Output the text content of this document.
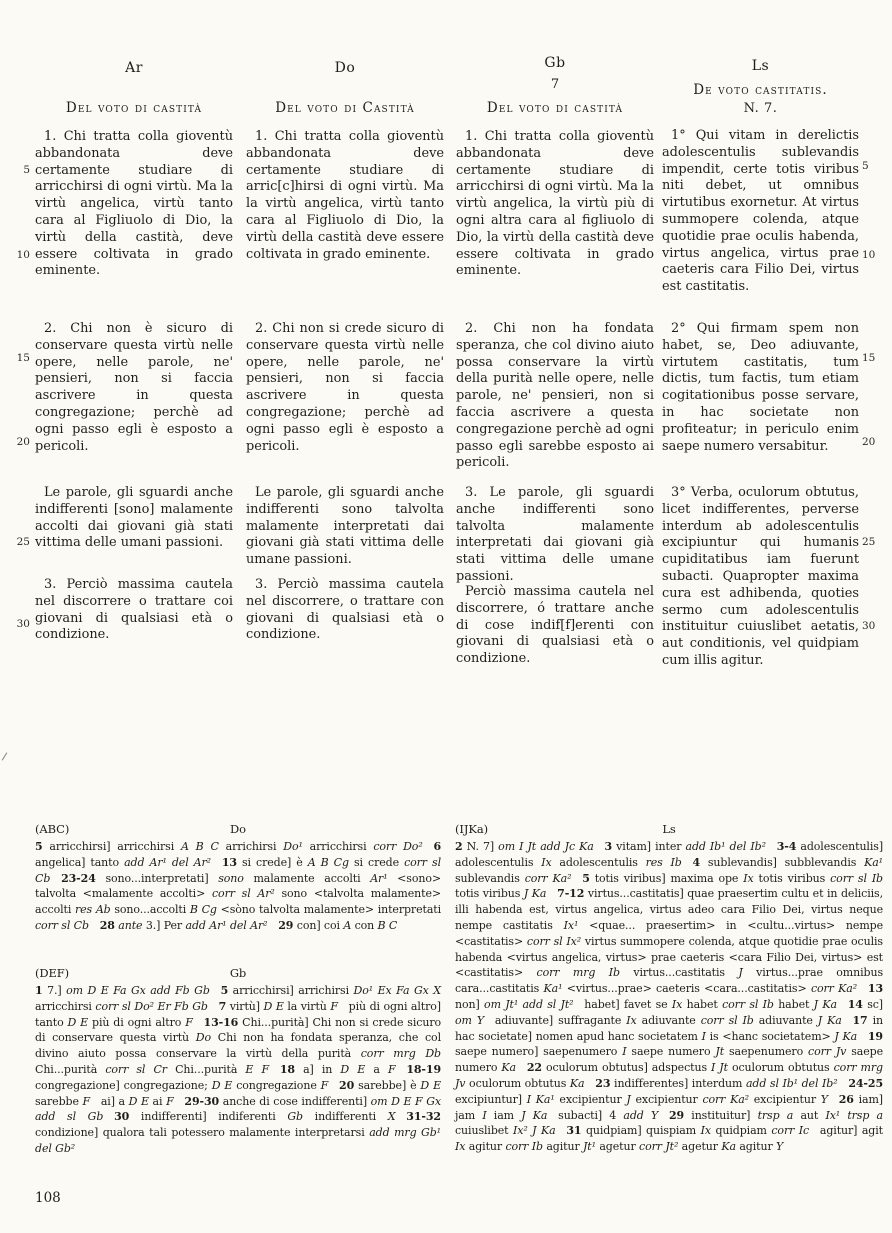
5
10
15
20
25
30
5
10
15
20
25
30
Ar
Del voto di castità

1. Chi tratta colla gioventù abbandonata deve certamente studiare di arricchirsi di ogni virtù. Ma la virtù angelica, virtù tanto cara al Figliuolo di Dio, la virtù della castità, deve essere coltivata in grado eminente.

2. Chi non è sicuro di conservare questa virtù nelle opere, nelle parole, ne' pensieri, non si faccia ascrivere in questa congregazione; perchè ad ogni passo egli è esposto a pericoli.

Le parole, gli sguardi anche indifferenti [sono] malamente accolti dai giovani già stati vittima delle umani passioni.

3. Perciò massima cautela nel discorrere o trattare coi giovani di qualsiasi età o condizione.

Do
Del voto di Castità

1. Chi tratta colla gioventù abbandonata deve certamente studiare di arric[c]hirsi di ogni virtù. Ma la virtù angelica, virtù tanto cara al Figliuolo di Dio, la virtù della castità deve essere coltivata in grado eminente.

2. Chi non si crede sicuro di conservare questa virtù nelle opere, nelle parole, ne' pensieri, non si faccia ascrivere in questa congregazione; perchè ad ogni passo egli è esposto a pericoli.

Le parole, gli sguardi anche indifferenti sono talvolta malamente interpretati dai giovani già stati vittima delle umane passioni.

3. Perciò massima cautela nel discorrere, o trattare con giovani di qualsiasi età o condizione.

Gb
7
Del voto di castità

1. Chi tratta colla gioventù abbandonata deve certamente studiare di arricchirsi di ogni virtù. Ma la virtù angelica, la virtù più di ogni altra cara al figliuolo di Dio, la virtù della castità deve essere coltivata in grado eminente.

2. Chi non ha fondata speranza, che col divino aiuto possa conservare la virtù della purità nelle opere, nelle parole, ne' pensieri, non si faccia ascrivere a questa congregazione perchè ad ogni passo egli sarebbe esposto ai pericoli.

3. Le parole, gli sguardi anche indifferenti sono talvolta malamente interpretati dai giovani già stati vittima delle umane passioni.

Perciò massima cautela nel discorrere, ó trattare anche di cose indif[f]erenti con giovani di qualsiasi età o condizione.

Ls
De voto castitatis.
N. 7.

1° Qui vitam in derelictis adolescentulis sublevandis impendit, certe totis viribus niti debet, ut omnibus virtutibus exornetur. At virtus summopere colenda, atque quotidie prae oculis habenda, virtus angelica, virtus prae caeteris cara Filio Dei, virtus est castitatis.

2° Qui firmam spem non habet, se, Deo adiuvante, virtutem castitatis, tum dictis, tum factis, tum etiam cogitationibus posse servare, in hac societate non profiteatur; in periculo enim saepe numero versabitur.

3° Verba, oculorum obtutus, licet indifferentes, perverse interdum ab adolescentulis excipiuntur qui humanis cupiditatibus iam fuerunt subacti. Quapropter maxima cura est adhibenda, quoties sermo cum adolescentulis instituitur cuiuslibet aetatis, aut conditionis, vel quidpiam cum illis agitur.

(ABC)	Do
5 arricchirsi] arricchirsi A B C arrichirsi Do¹ arricchirsi corr Do²   6 angelica] tanto add Ar¹ del Ar²   13 si crede] è A B Cg si crede corr sl Cb   23-24 sono...interpretati] sono malamente accolti Ar¹ <sono> talvolta <malamente accolti> corr sl Ar² sono <talvolta malamente> accolti res Ab sono...accolti B Cg <sòno talvolta malamente> interpretati corr sl Cb   28 ante 3.] Per add Ar¹ del Ar²   29 con] coi A con B C
(DEF)	Gb
1 7.] om D E Fa Gx add Fb Gb   5 arricchirsi] arrichirsi Do¹ Ex Fa Gx X arricchirsi corr sl Do² Er Fb Gb   7 virtù] D E la virtù F  più di ogni altro] tanto D E più di ogni altro F   13-16 Chi...purità] Chi non si crede sicuro di conservare questa virtù Do Chi non ha fondata speranza, che col divino aiuto possa conservare la virtù della purità corr mrg Db Chi...purità corr sl Cr Chi...purità E F   18 a] in D E a F   18-19 congregazione] congregazione; D E congregazione F   20 sarebbe] è D E sarebbe F  ai] a D E ai F   29-30 anche di cose indifferenti] om D E F Gx add sl Gb   30 indifferenti] indiferenti Gb indifferenti X   31-32 condizione] qualora tali potessero malamente interpretarsi add mrg Gb¹ del Gb²
(IJKa)	Ls
2 N. 7] om I Jt add Jc Ka   3 vitam] inter add Ib¹ del Ib²   3-4 adolescentulis] adolescentulis Ix adolescentulis res Ib   4 sublevandis] subblevandis Ka¹ sublevandis corr Ka²   5 totis viribus] maxima ope Ix totis viribus corr sl Ib totis viribus J Ka   7-12 virtus...castitatis] quae praesertim cultu et in deliciis, illi habenda est, virtus angelica, virtus adeo cara Filio Dei, virtus neque nempe castitatis Ix¹ <quae... praesertim> in <cultu...virtus> nempe <castitatis> corr sl Ix² virtus summopere colenda, atque quotidie prae oculis habenda <virtus angelica, virtus> prae caeteris <cara Filio Dei, virtus> est <castitatis> corr mrg Ib virtus...castitatis J virtus...prae omnibus cara...castitatis Ka¹ <virtus...prae> caeteris <cara...castitatis> corr Ka²   13 non] om Jt¹ add sl Jt²  habet] favet se Ix habet corr sl Ib habet J Ka   14 sc] om Y  adiuvante] suffragante Ix adiuvante corr sl Ib adiuvante J Ka   17 in hac societate] nomen apud hanc societatem I is <hanc societatem> J Ka   19 saepe numero] saepenumero I saepe numero Jt saepenumero corr Jv saepe numero Ka   22 oculorum obtutus] adspectus I Jt oculorum obtutus corr mrg Jv oculorum obtutus Ka   23 indifferentes] interdum add sl Ib¹ del Ib²   24-25 excipiuntur] I Ka¹ excipientur J excipientur corr Ka² excipientur Y   26 iam] jam I iam J Ka  subacti] 4 add Y   29 instituitur] trsp a aut Ix¹ trsp a cuiuslibet Ix² J Ka   31 quidpiam] quispiam Ix quidpiam corr Ic  agitur] agit Ix agitur corr Ib agitur Jt¹ agetur corr Jt² agetur Ka agitur Y
108
